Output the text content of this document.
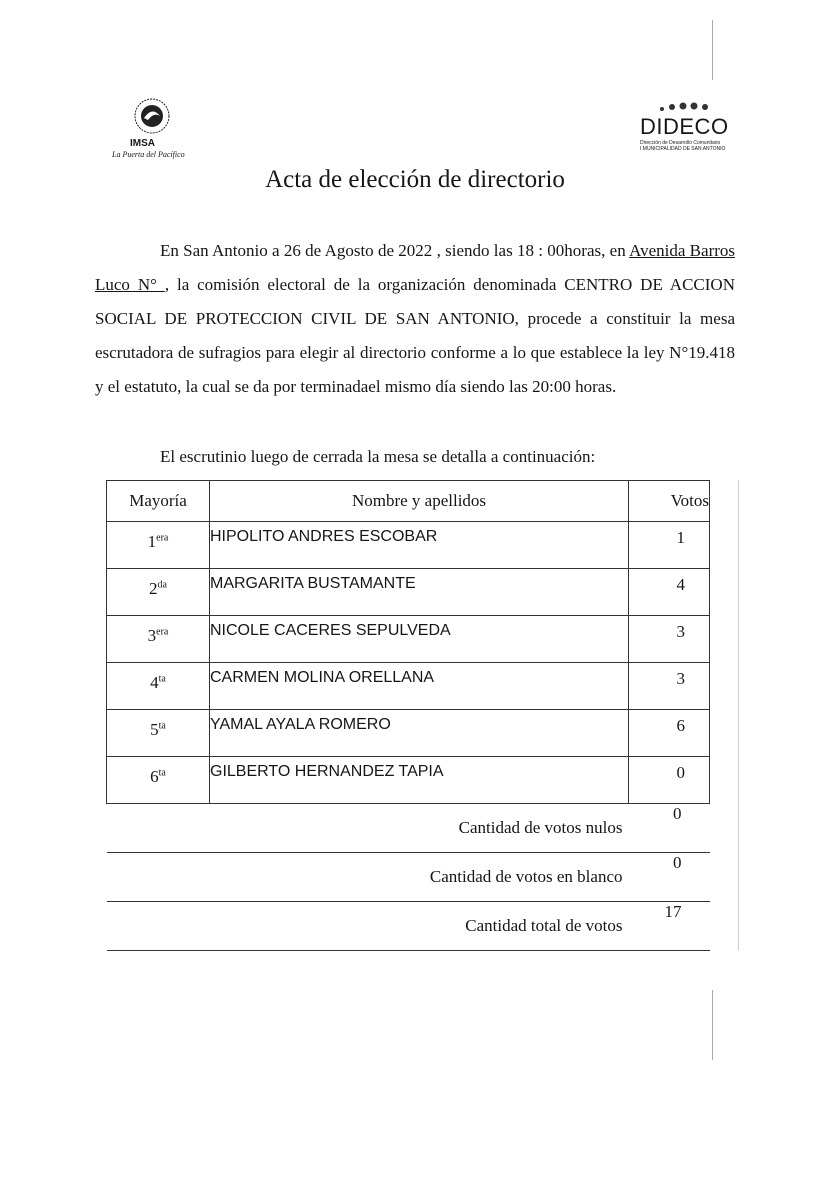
IMSA
La Puerta del Pacífico
DIDECO
Dirección de Desarrollo Comunitario I.MUNICIPALIDAD DE SAN ANTONIO
Acta de elección de directorio
En San Antonio a 26 de Agosto de 2022 , siendo las 18 : 00horas, en Avenida Barros Luco N° , la comisión electoral de la organización denominada CENTRO DE ACCION SOCIAL DE PROTECCION CIVIL DE SAN ANTONIO, procede a constituir la mesa escrutadora de sufragios para elegir al directorio conforme a lo que establece la ley N°19.418 y el estatuto, la cual se da por terminadael mismo día siendo las 20:00 horas.
El escrutinio luego de cerrada la mesa se detalla a continuación:
Mayoría	Nombre y apellidos	Votos
$1^{era}$	HIPOLITO ANDRES ESCOBAR	1
$2^{da}$	MARGARITA BUSTAMANTE	4
$3^{era}$	NICOLE CACERES SEPULVEDA	3
$4^{ta}$	CARMEN MOLINA ORELLANA	3
$5^{ta}$	YAMAL AYALA ROMERO	6
$6^{ta}$	GILBERTO HERNANDEZ TAPIA	0
Cantidad de votos nulos		0
Cantidad de votos en blanco		0
Cantidad total de votos		17
